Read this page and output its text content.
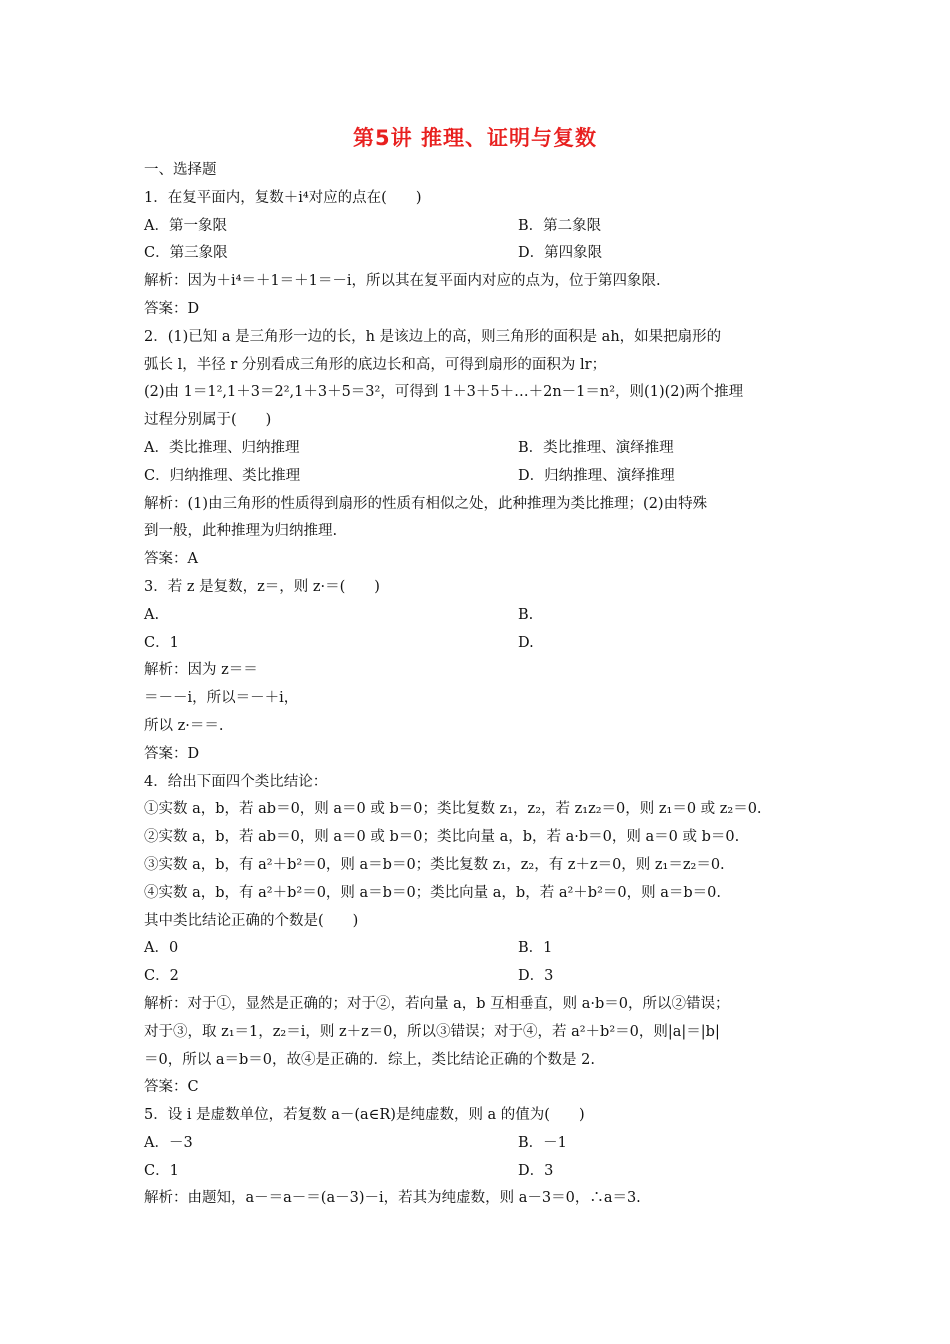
第5讲 推理、证明与复数
一、选择题
1．在复平面内，复数＋i⁴对应的点在(　　)
A．第一象限	B．第二象限
C．第三象限	D．第四象限
解析：因为＋i⁴＝＋1＝＋1＝－i，所以其在复平面内对应的点为，位于第四象限.
答案：D
2．(1)已知 a 是三角形一边的长，h 是该边上的高，则三角形的面积是 ah，如果把扇形的
弧长 l，半径 r 分别看成三角形的底边长和高，可得到扇形的面积为 lr；
(2)由 1＝1²,1＋3＝2²,1＋3＋5＝3²，可得到 1＋3＋5＋…＋2n－1＝n²，则(1)(2)两个推理
过程分别属于(　　)
A．类比推理、归纳推理	B．类比推理、演绎推理
C．归纳推理、类比推理	D．归纳推理、演绎推理
解析：(1)由三角形的性质得到扇形的性质有相似之处，此种推理为类比推理；(2)由特殊
到一般，此种推理为归纳推理.
答案：A
3．若 z 是复数，z＝，则 z·＝(　　)
A.	B.
C．1	D.
解析：因为 z＝＝
＝－－i，所以＝－＋i，
所以 z·＝＝.
答案：D
4．给出下面四个类比结论：
①实数 a，b，若 ab＝0，则 a＝0 或 b＝0；类比复数 z₁，z₂，若 z₁z₂＝0，则 z₁＝0 或 z₂＝0.
②实数 a，b，若 ab＝0，则 a＝0 或 b＝0；类比向量 a，b，若 a·b＝0，则 a＝0 或 b＝0.
③实数 a，b，有 a²＋b²＝0，则 a＝b＝0；类比复数 z₁，z₂，有 z＋z＝0，则 z₁＝z₂＝0.
④实数 a，b，有 a²＋b²＝0，则 a＝b＝0；类比向量 a，b，若 a²＋b²＝0，则 a＝b＝0.
其中类比结论正确的个数是(　　)
A．0	B．1
C．2	D．3
解析：对于①，显然是正确的；对于②，若向量 a，b 互相垂直，则 a·b＝0，所以②错误；
对于③，取 z₁＝1，z₂＝i，则 z＋z＝0，所以③错误；对于④，若 a²＋b²＝0，则|a|＝|b|
＝0，所以 a＝b＝0，故④是正确的．综上，类比结论正确的个数是 2.
答案：C
5．设 i 是虚数单位，若复数 a－(a∈R)是纯虚数，则 a 的值为(　　)
A．－3	B．－1
C．1	D．3
解析：由题知，a－＝a－＝(a－3)－i，若其为纯虚数，则 a－3＝0，∴a＝3.
